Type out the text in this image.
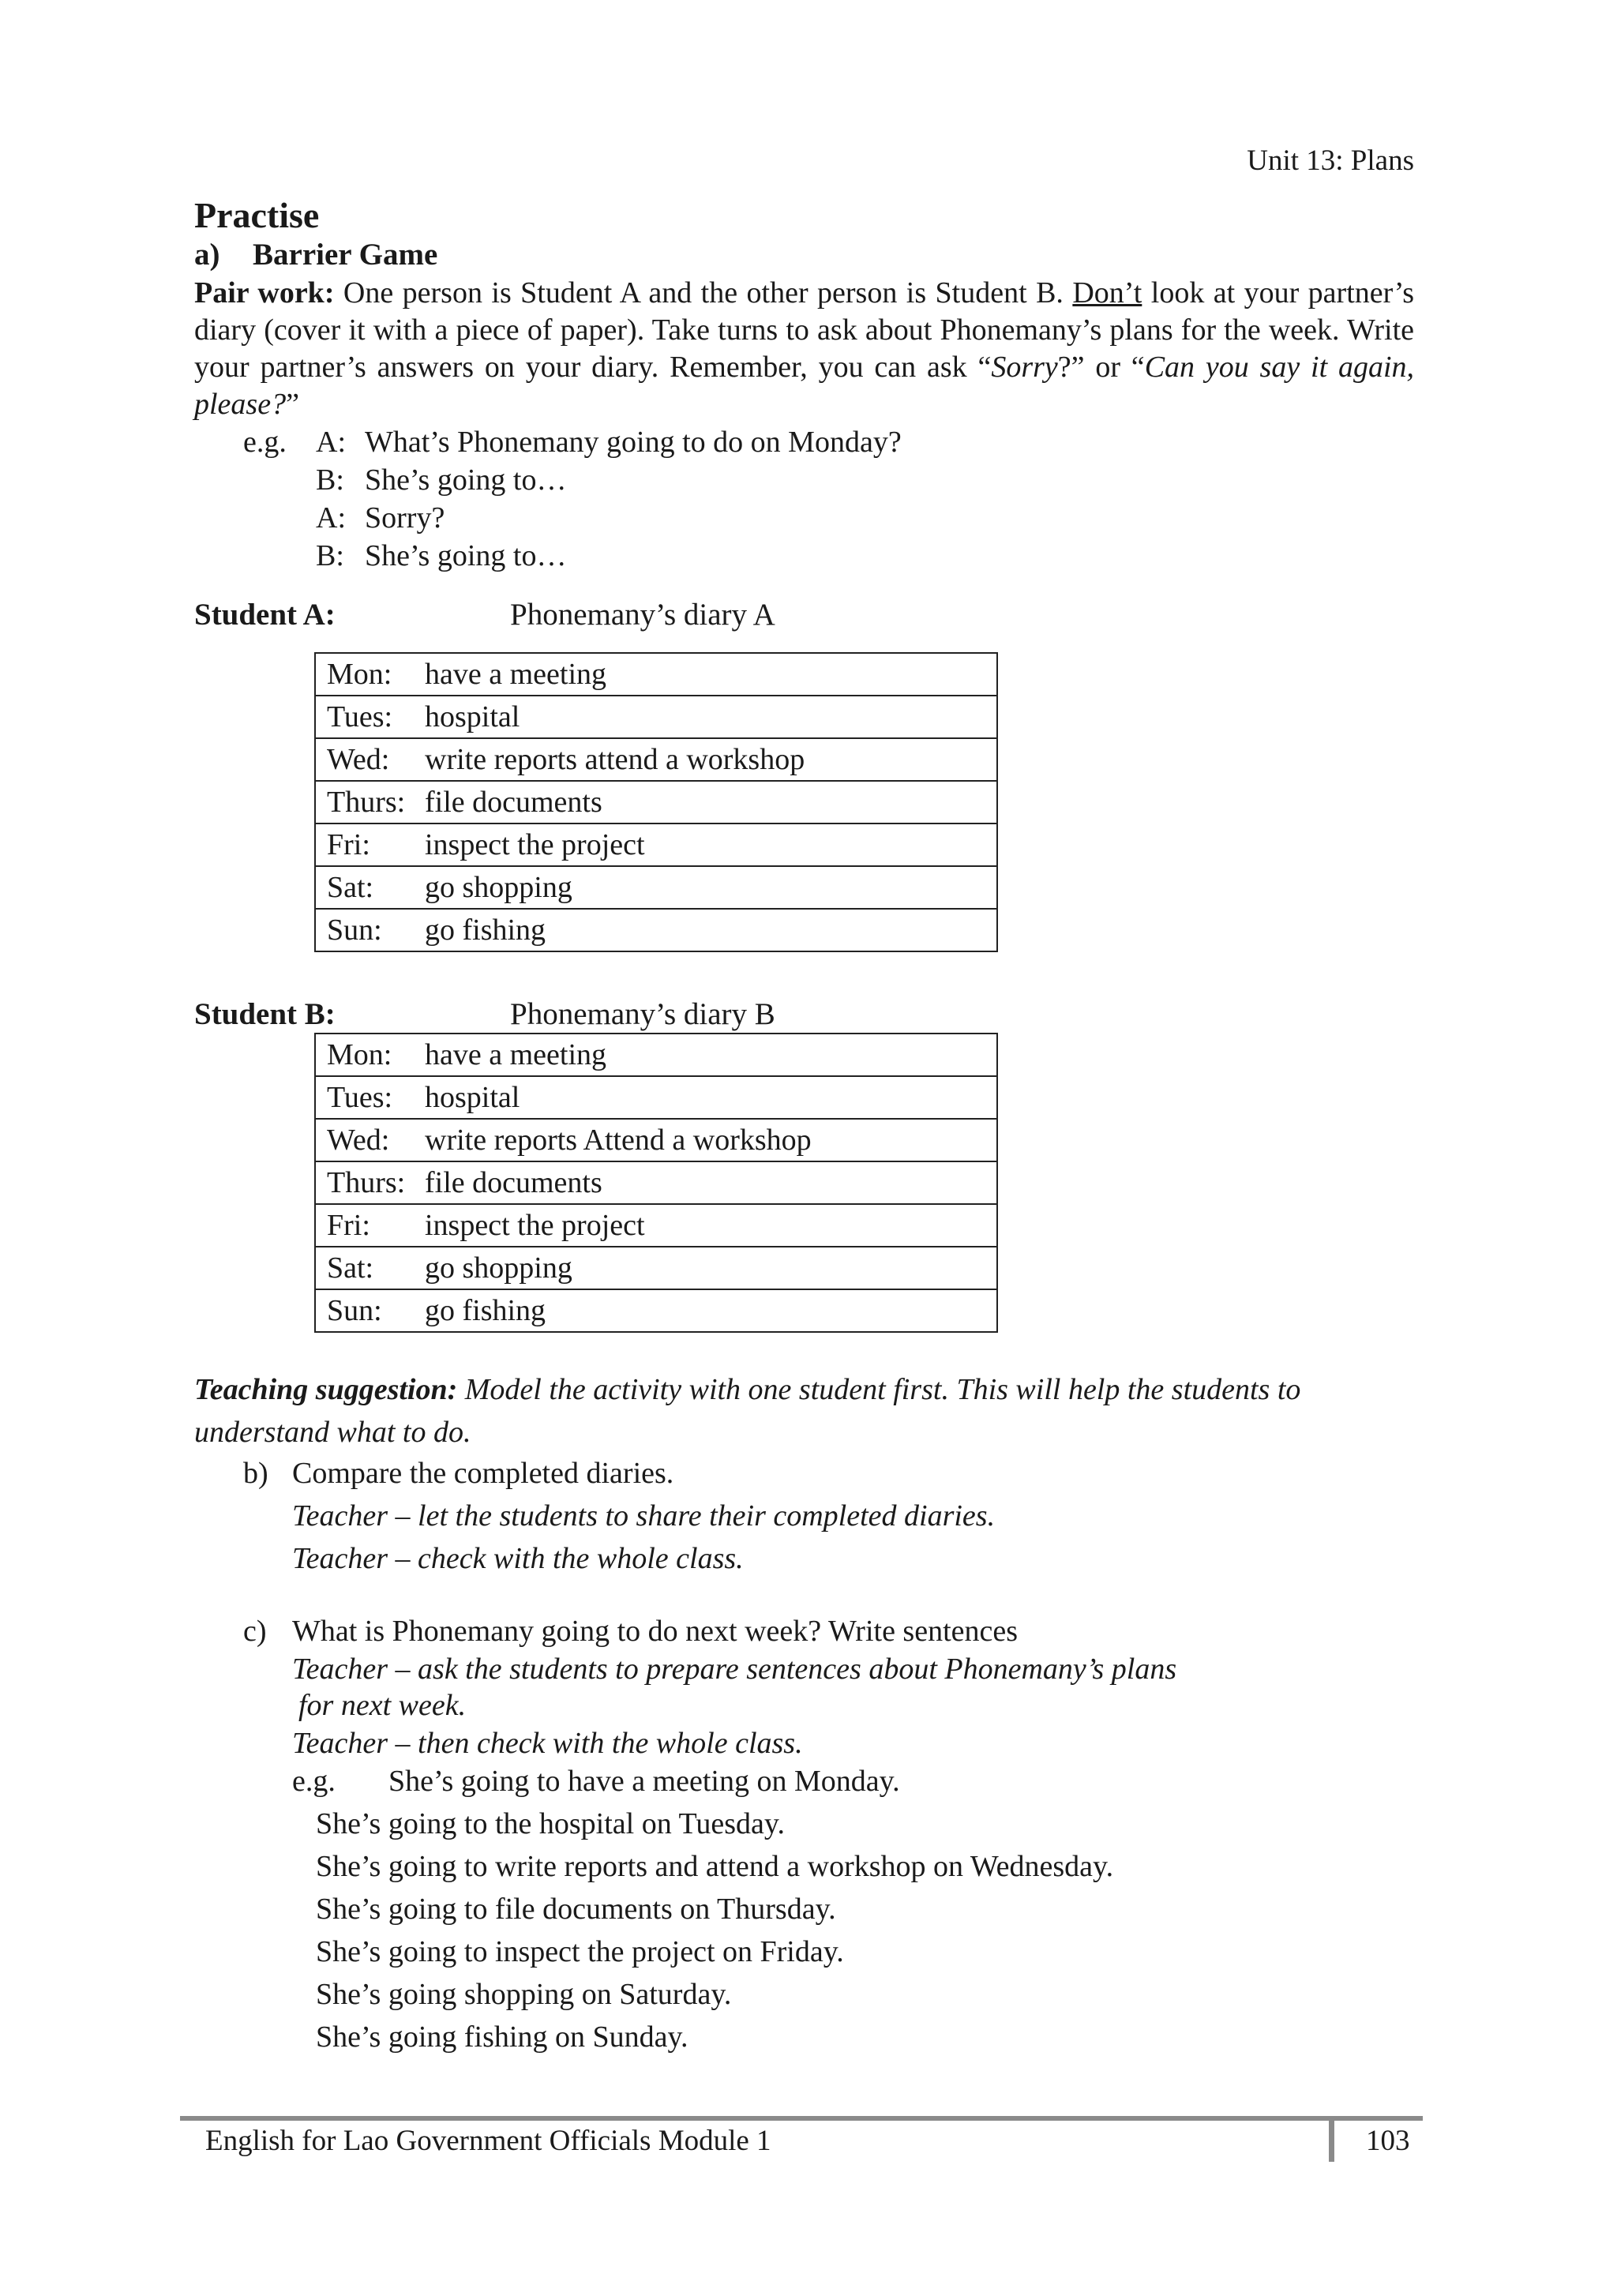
Unit 13: Plans
Practise
a) Barrier Game
Pair work: One person is Student A and the other person is Student B. Don’t look at your partner’s diary (cover it with a piece of paper). Take turns to ask about Phonemany’s plans for the week. Write your partner’s answers on your diary. Remember, you can ask “Sorry?” or “Can you say it again, please?”
e.g. A: What’s Phonemany going to do on Monday?
B: She’s going to…
A: Sorry?
B: She’s going to…
Student A:	Phonemany’s diary A
Mon:	have a meeting
Tues:	hospital
Wed:	write reports attend a workshop
Thurs:	file documents
Fri:	inspect the project
Sat:	go shopping
Sun:	go fishing
Student B:	Phonemany’s diary B
Mon:	have a meeting
Tues:	hospital
Wed:	write reports Attend a workshop
Thurs:	file documents
Fri:	inspect the project
Sat:	go shopping
Sun:	go fishing
Teaching suggestion: Model the activity with one student first. This will help the students to
understand what to do.
b) Compare the completed diaries.
Teacher – let the students to share their completed diaries.
Teacher – check with the whole class.
c) What is Phonemany going to do next week? Write sentences
Teacher – ask the students to prepare sentences about Phonemany’s plans
for next week.
Teacher – then check with the whole class.
e.g. She’s going to have a meeting on Monday.
She’s going to the hospital on Tuesday.
She’s going to write reports and attend a workshop on Wednesday.
She’s going to file documents on Thursday.
She’s going to inspect the project on Friday.
She’s going shopping on Saturday.
She’s going fishing on Sunday.
English for Lao Government Officials Module 1	103
